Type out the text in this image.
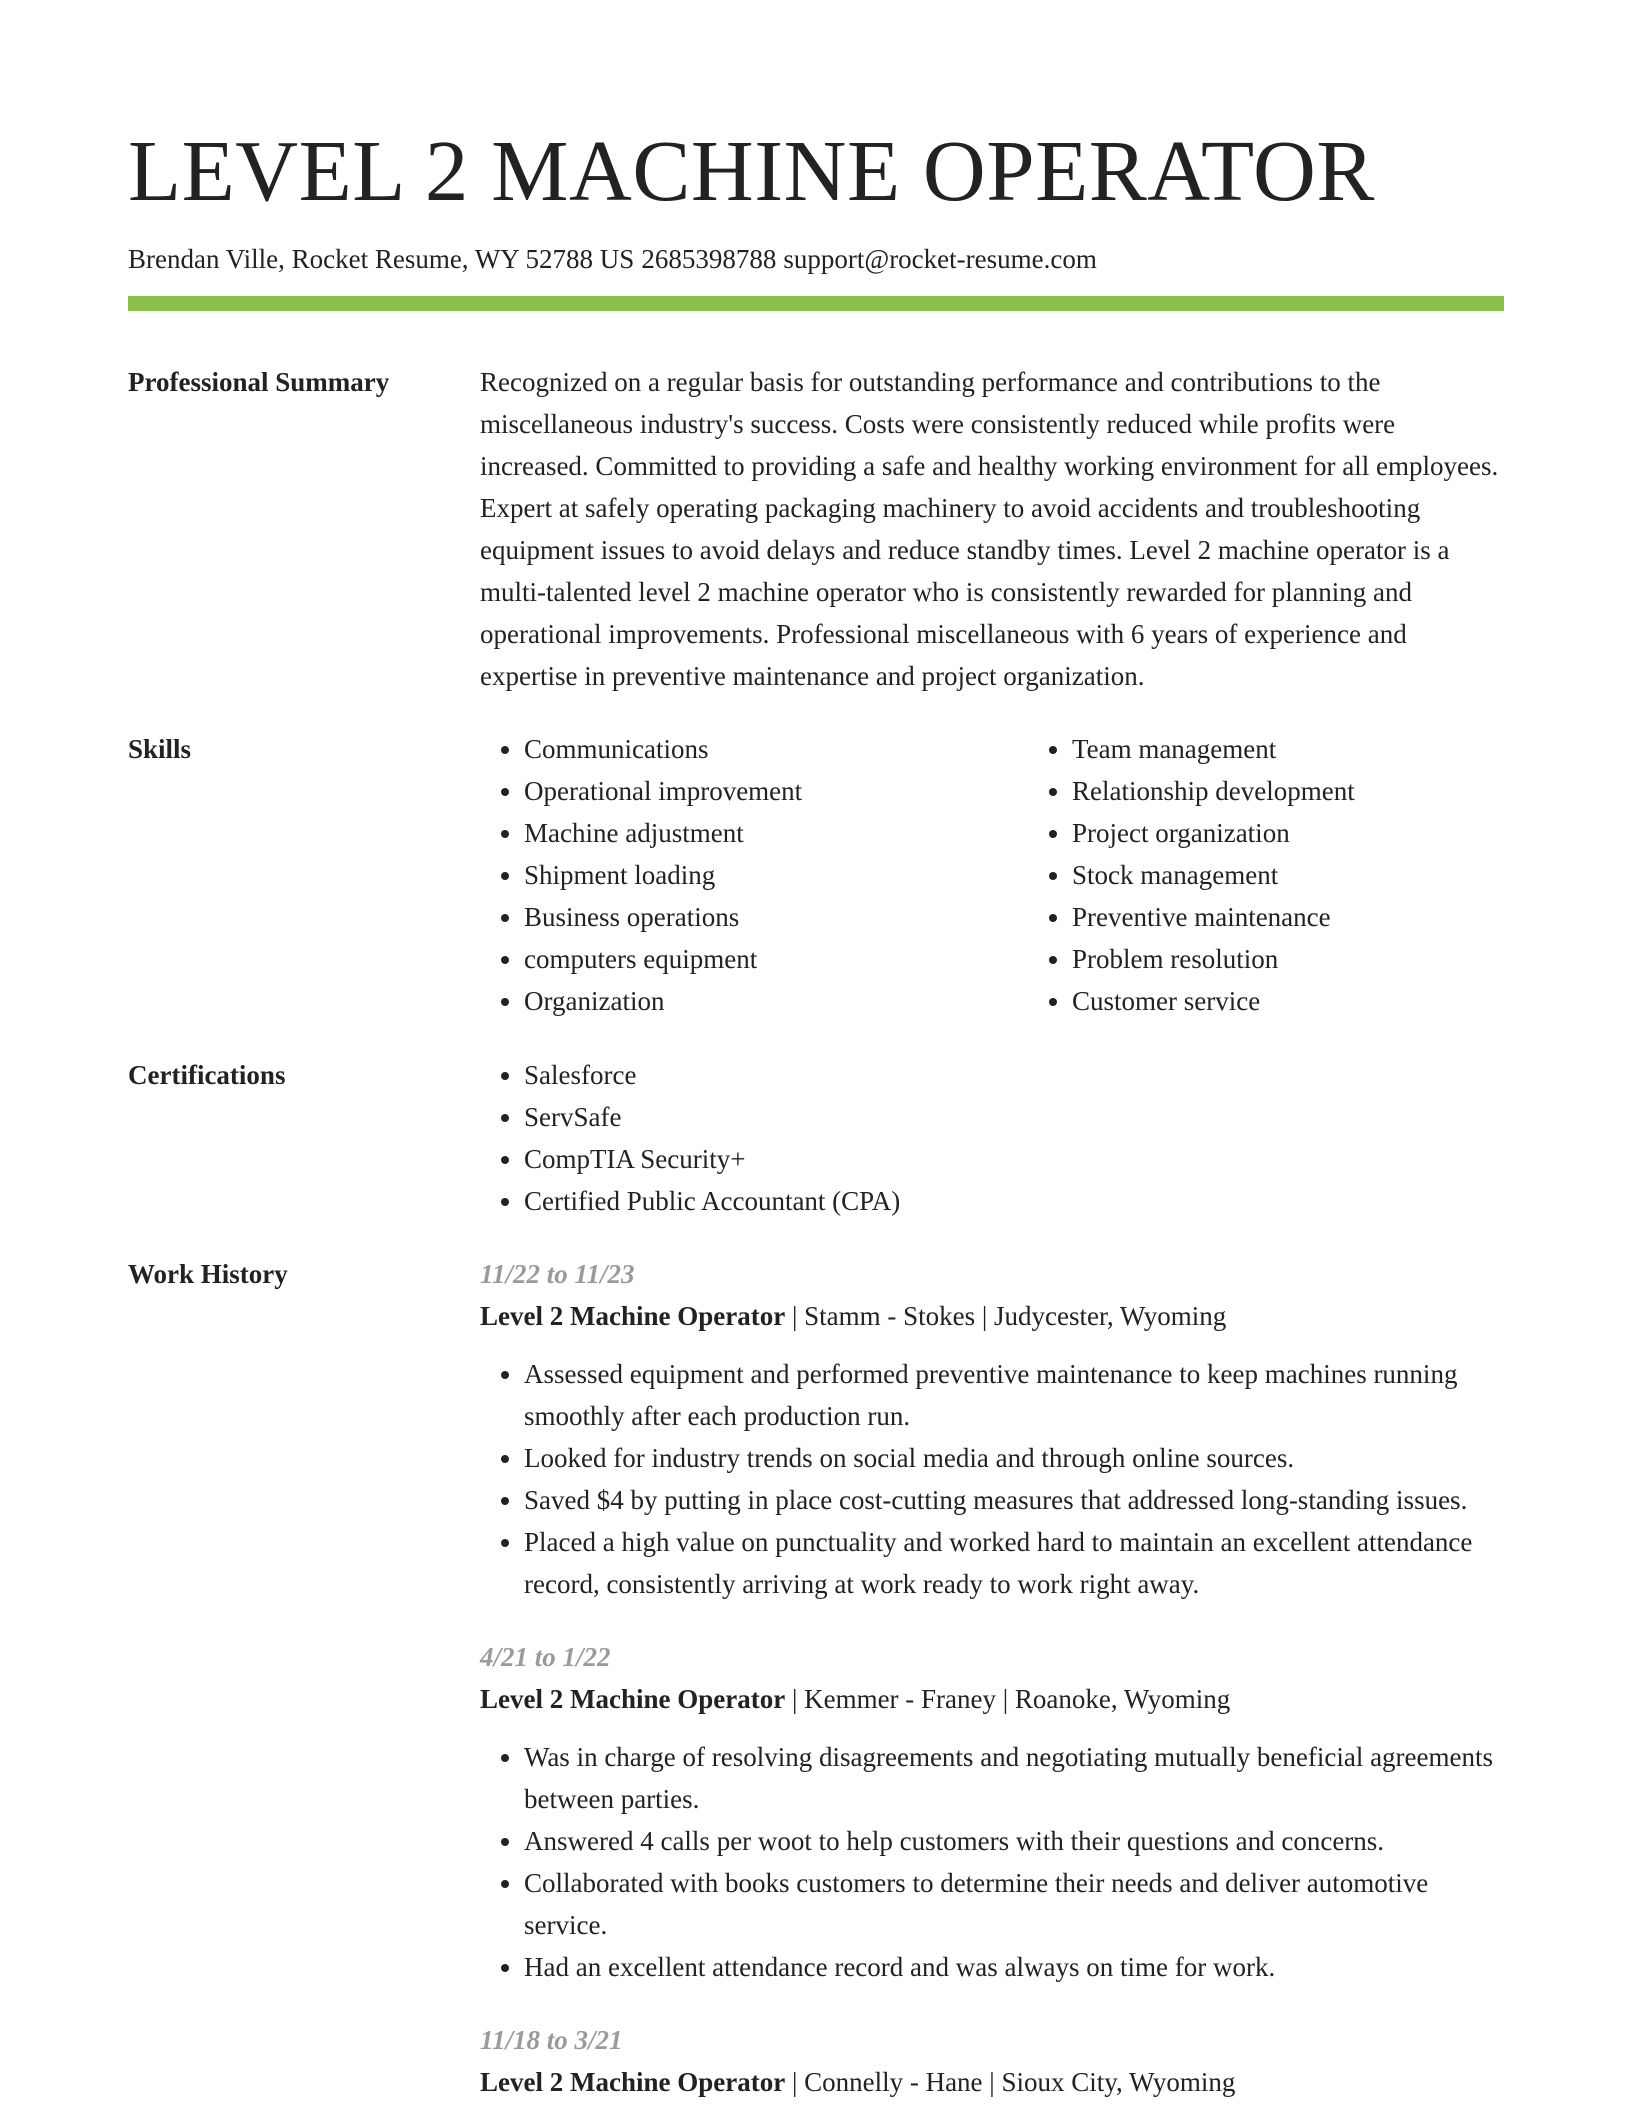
LEVEL 2 MACHINE OPERATOR
Brendan Ville, Rocket Resume, WY 52788 US 2685398788 support@rocket-resume.com
Professional Summary	Recognized on a regular basis for outstanding performance and contributions to the miscellaneous industry's success. Costs were consistently reduced while profits were increased. Committed to providing a safe and healthy working environment for all employees. Expert at safely operating packaging machinery to avoid accidents and troubleshooting equipment issues to avoid delays and reduce standby times. Level 2 machine operator is a multi-talented level 2 machine operator who is consistently rewarded for planning and operational improvements. Professional miscellaneous with 6 years of experience and expertise in preventive maintenance and project organization.

Skills	• Communications
• Operational improvement
• Machine adjustment
• Shipment loading
• Business operations
• computers equipment
• Organization
• Team management
• Relationship development
• Project organization
• Stock management
• Preventive maintenance
• Problem resolution
• Customer service
Certifications	• Salesforce
• ServSafe
• CompTIA Security+
• Certified Public Accountant (CPA)
Work History	11/22 to 11/23
Level 2 Machine Operator | Stamm - Stokes | Judycester, Wyoming
• Assessed equipment and performed preventive maintenance to keep machines running smoothly after each production run.
• Looked for industry trends on social media and through online sources.
• Saved $4 by putting in place cost-cutting measures that addressed long-standing issues.
• Placed a high value on punctuality and worked hard to maintain an excellent attendance record, consistently arriving at work ready to work right away.
4/21 to 1/22
Level 2 Machine Operator | Kemmer - Franey | Roanoke, Wyoming
• Was in charge of resolving disagreements and negotiating mutually beneficial agreements between parties.
• Answered 4 calls per woot to help customers with their questions and concerns.
• Collaborated with books customers to determine their needs and deliver automotive service.
• Had an excellent attendance record and was always on time for work.
11/18 to 3/21
Level 2 Machine Operator | Connelly - Hane | Sioux City, Wyoming
